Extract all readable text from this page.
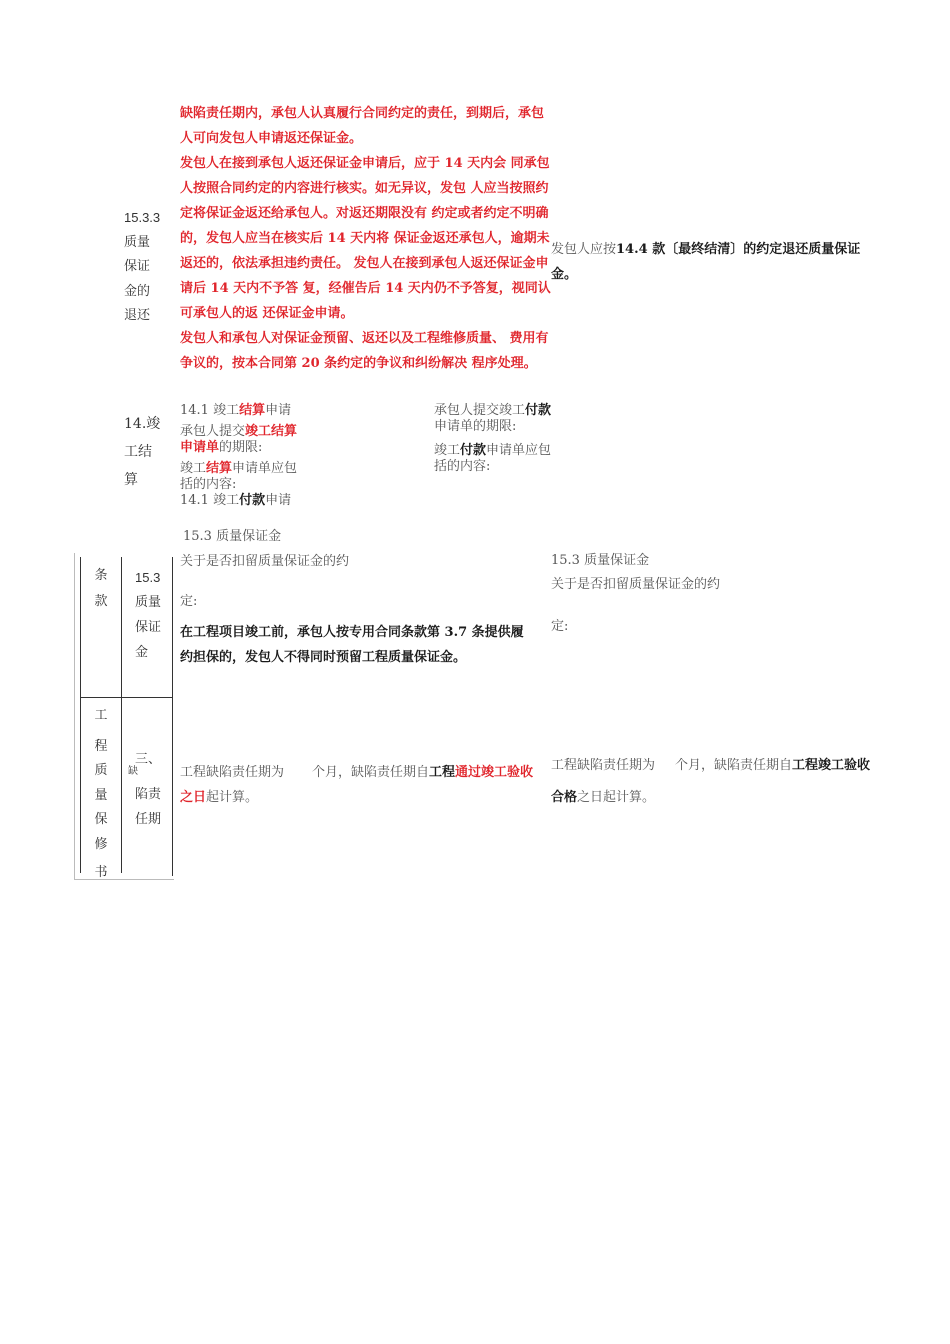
15.3.3
质量
保证
金的
退还
缺陷责任期内，承包人认真履行合同约定的责任，到期后，承包人可向发包人申请返还保证金。
发包人在接到承包人返还保证金申请后，应于 14 天内会 同承包人按照合同约定的内容进行核实。如无异议，发包 人应当按照约定将保证金返还给承包人。对返还期限没有 约定或者约定不明确的，发包人应当在核实后 14 天内将 保证金返还承包人，逾期未返还的，依法承担违约责任。 发包人在接到承包人返还保证金申请后 14 天内不予答 复，经催告后 14 天内仍不予答复，视同认可承包人的返 还保证金申请。
发包人和承包人对保证金预留、返还以及工程维修质量、 费用有争议的，按本合同第 20 条约定的争议和纠纷解决 程序处理。
发包人应按14.4 款〔最终结清〕的约定退还质量保证金。
14.竣
工结
算
14.1 竣工结算申请
承包人提交竣工结算申请单的期限:
竣工结算申请单应包括的内容:
14.1 竣工付款申请
承包人提交竣工付款申请单的期限:
竣工付款申请单应包括的内容:
15.3 质量保证金
关于是否扣留质量保证金的约
定:
在工程项目竣工前，承包人按专用合同条款第 3.7 条提供履约担保的，发包人不得同时预留工程质量保证金。
15.3 质量保证金
关于是否扣留质量保证金的约
定:
条
款
15.3
质量
保证
金
工
程
质
量
保
修
书
三、
缺
陷责
任期
工程缺陷责任期为 个月，缺陷责任期自工程通过竣工验收之日起计算。
工程缺陷责任期为 个月，缺陷责任期自工程竣工验收合格之日起计算。
